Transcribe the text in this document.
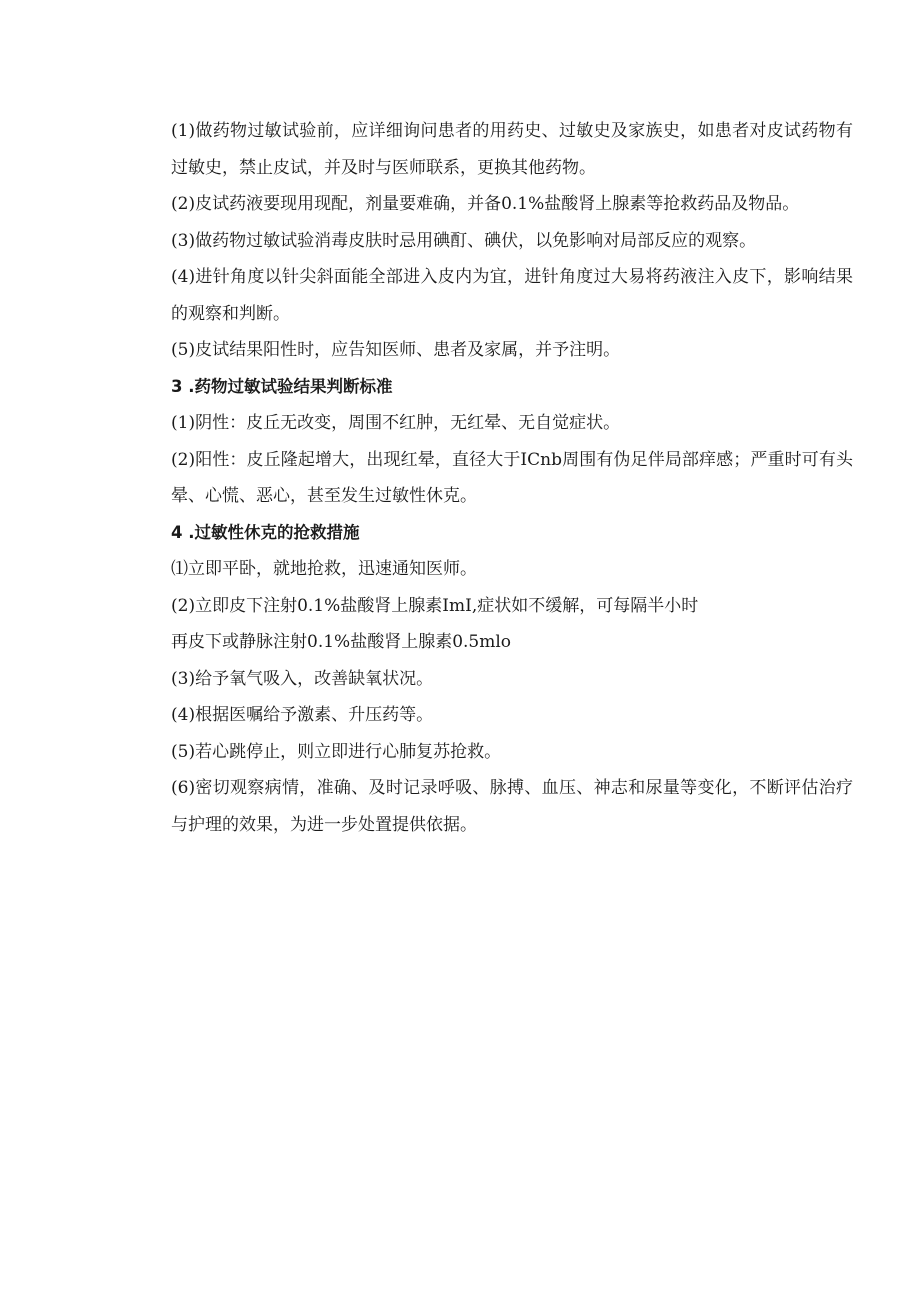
(1)做药物过敏试验前，应详细询问患者的用药史、过敏史及家族史，如患者对皮试药物有过敏史，禁止皮试，并及时与医师联系，更换其他药物。

(2)皮试药液要现用现配，剂量要难确，并备0.1%盐酸肾上腺素等抢救药品及物品。

(3)做药物过敏试验消毒皮肤时忌用碘酊、碘伏，以免影响对局部反应的观察。

(4)进针角度以针尖斜面能全部进入皮内为宜，进针角度过大易将药液注入皮下，影响结果的观察和判断。

(5)皮试结果阳性时，应告知医师、患者及家属，并予注明。

3 .药物过敏试验结果判断标准

(1)阴性：皮丘无改变，周围不红肿，无红晕、无自觉症状。

(2)阳性：皮丘隆起增大，出现红晕，直径大于ICnb周围有伪足伴局部痒感；严重时可有头晕、心慌、恶心，甚至发生过敏性休克。

4 .过敏性休克的抢救措施

⑴立即平卧，就地抢救，迅速通知医师。

(2)立即皮下注射0.1%盐酸肾上腺素ImI,症状如不缓解，可每隔半小时

再皮下或静脉注射0.1%盐酸肾上腺素0.5mlo

(3)给予氧气吸入，改善缺氧状况。

(4)根据医嘱给予激素、升压药等。

(5)若心跳停止，则立即进行心肺复苏抢救。

(6)密切观察病情，准确、及时记录呼吸、脉搏、血压、神志和尿量等变化，不断评估治疗与护理的效果，为进一步处置提供依据。
